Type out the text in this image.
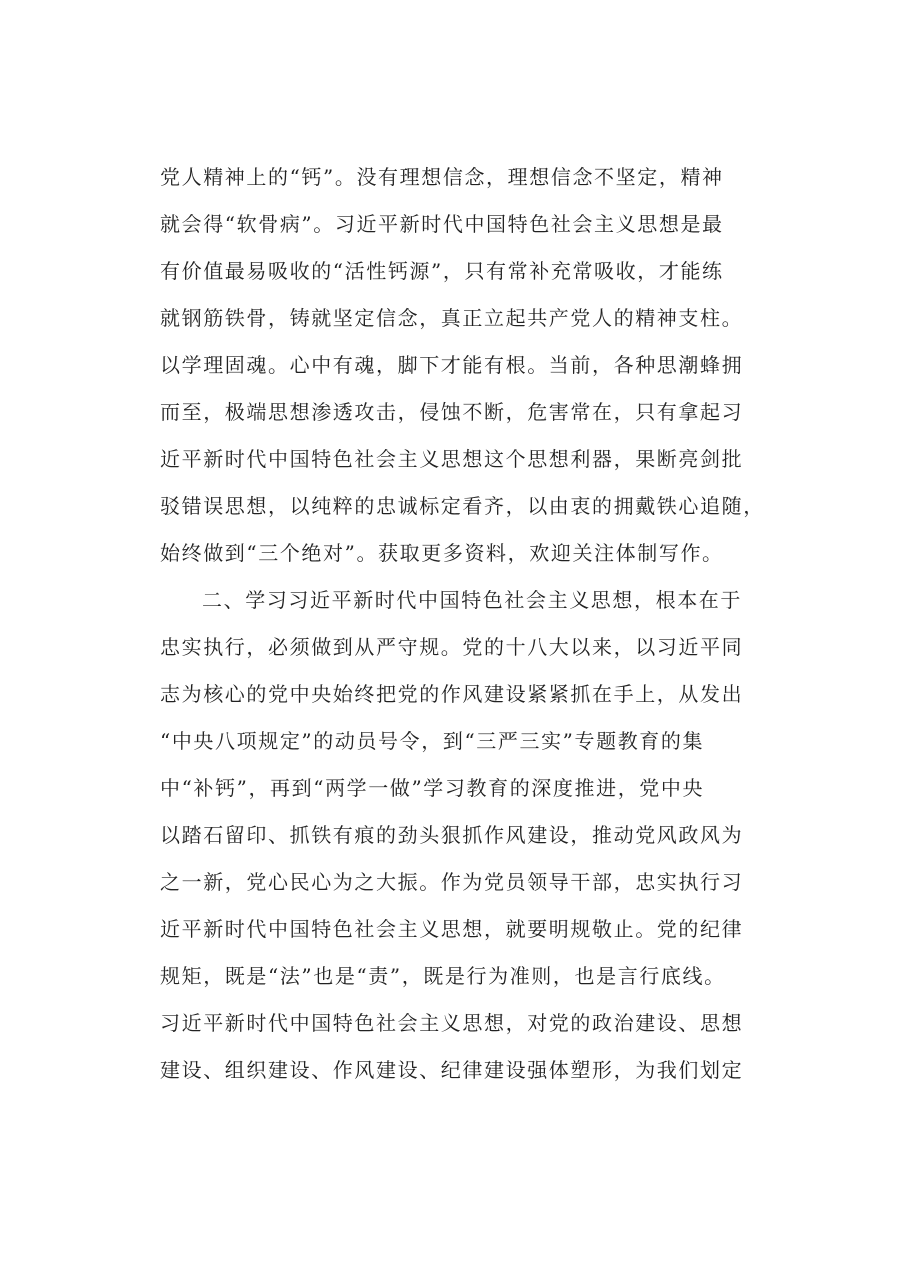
党人精神上的“钙”。没有理想信念，理想信念不坚定，精神
就会得“软骨病”。习近平新时代中国特色社会主义思想是最
有价值最易吸收的“活性钙源”，只有常补充常吸收，才能练
就钢筋铁骨，铸就坚定信念，真正立起共产党人的精神支柱。
以学理固魂。心中有魂，脚下才能有根。当前，各种思潮蜂拥
而至，极端思想渗透攻击，侵蚀不断，危害常在，只有拿起习
近平新时代中国特色社会主义思想这个思想利器，果断亮剑批
驳错误思想，以纯粹的忠诚标定看齐，以由衷的拥戴铁心追随，
始终做到“三个绝对”。获取更多资料，欢迎关注体制写作。
二、学习习近平新时代中国特色社会主义思想，根本在于
忠实执行，必须做到从严守规。党的十八大以来，以习近平同
志为核心的党中央始终把党的作风建设紧紧抓在手上，从发出
“中央八项规定”的动员号令，到“三严三实”专题教育的集
中“补钙”，再到“两学一做”学习教育的深度推进，党中央
以踏石留印、抓铁有痕的劲头狠抓作风建设，推动党风政风为
之一新，党心民心为之大振。作为党员领导干部，忠实执行习
近平新时代中国特色社会主义思想，就要明规敬止。党的纪律
规矩，既是“法”也是“责”，既是行为准则，也是言行底线。
习近平新时代中国特色社会主义思想，对党的政治建设、思想
建设、组织建设、作风建设、纪律建设强体塑形，为我们划定
